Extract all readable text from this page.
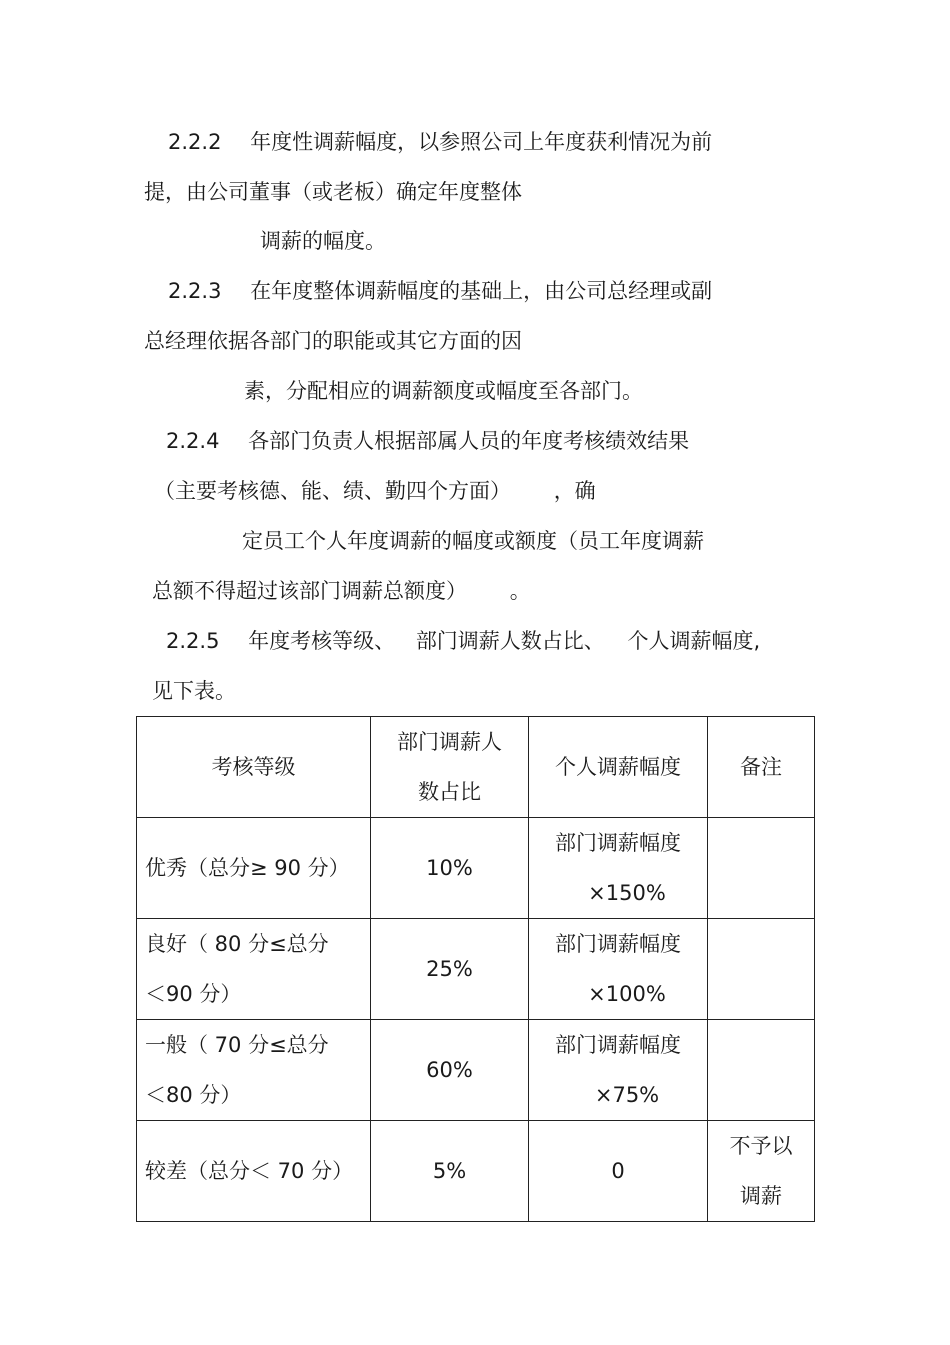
2.2.2 年度性调薪幅度，以参照公司上年度获利情况为前
提，由公司董事（或老板）确定年度整体
调薪的幅度。
2.2.3 在年度整体调薪幅度的基础上，由公司总经理或副
总经理依据各部门的职能或其它方面的因
素，分配相应的调薪额度或幅度至各部门。
2.2.4 各部门负责人根据部属人员的年度考核绩效结果
（主要考核德、能、绩、勤四个方面） ，确
定员工个人年度调薪的幅度或额度（员工年度调薪
总额不得超过该部门调薪总额度） 。
2.2.5 年度考核等级、 部门调薪人数占比、 个人调薪幅度,
见下表。
考核等级	部门调薪人
数占比	个人调薪幅度	备注

优秀（总分≥ 90 分）	10%	部门调薪幅度
×150%	

良好（ 80 分≤总分
＜90 分）	25%	部门调薪幅度
×100%	

一般（ 70 分≤总分
＜80 分）	60%	部门调薪幅度
×75%	

较差（总分＜ 70 分）	5%	0	不予以
调薪
